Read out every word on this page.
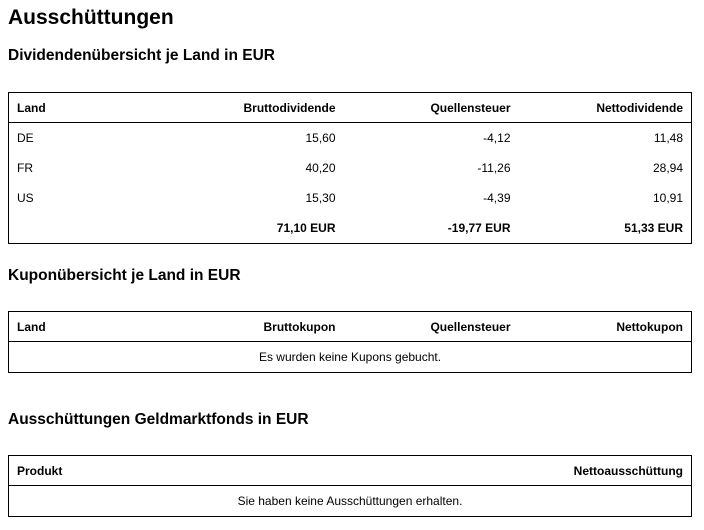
Ausschüttungen
Dividendenübersicht je Land in EUR
Land	Bruttodividende	Quellensteuer	Nettodividende
DE	15,60	-4,12	11,48
FR	40,20	-11,26	28,94
US	15,30	-4,39	10,91
	71,10 EUR	-19,77 EUR	51,33 EUR
Kuponübersicht je Land in EUR
Land	Bruttokupon	Quellensteuer	Nettokupon
Es wurden keine Kupons gebucht.
Ausschüttungen Geldmarktfonds in EUR
Produkt	Nettoausschüttung
Sie haben keine Ausschüttungen erhalten.
